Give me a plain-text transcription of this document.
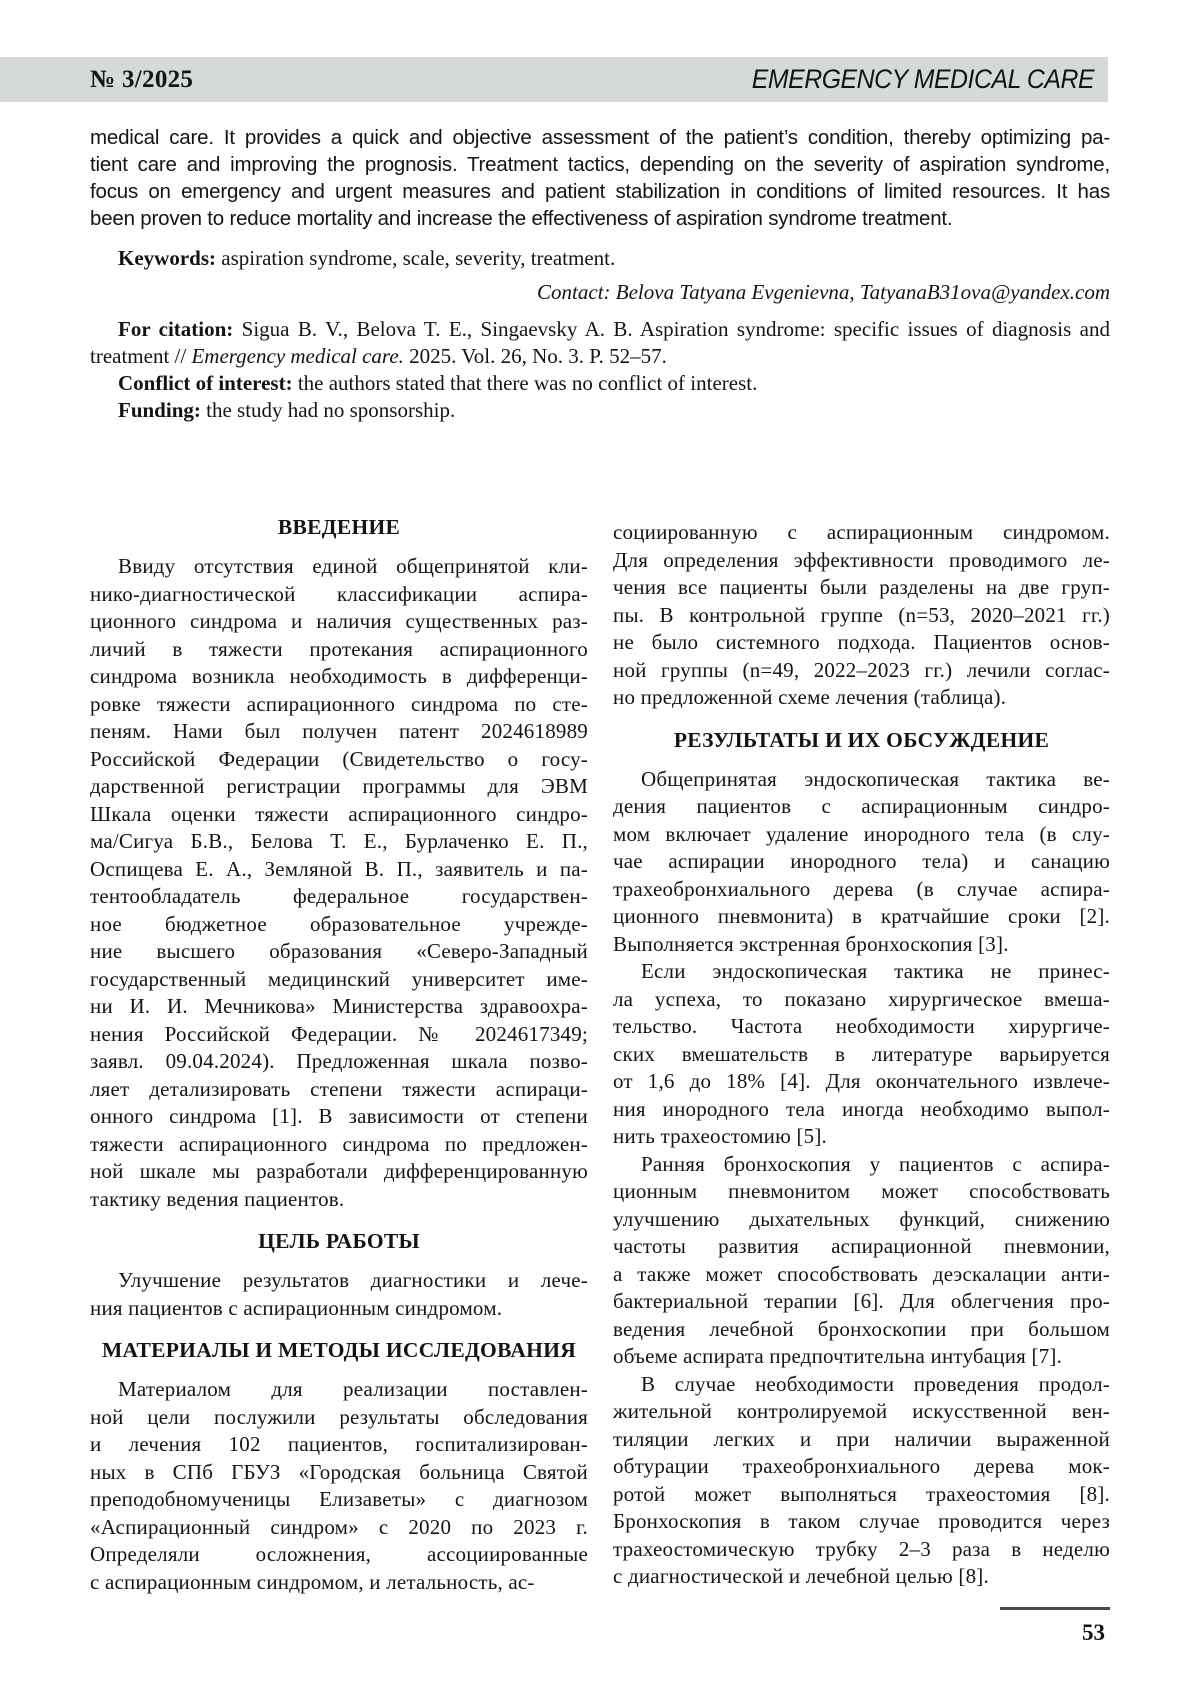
№ 3/2025	EMERGENCY MEDICAL CARE
medical care. It provides a quick and objective assessment of the patient’s condition, thereby optimizing pa-
tient care and improving the prognosis. Treatment tactics, depending on the severity of aspiration syndrome,
focus on emergency and urgent measures and patient stabilization in conditions of limited resources. It has
been proven to reduce mortality and increase the effectiveness of aspiration syndrome treatment.
Keywords: aspiration syndrome, scale, severity, treatment.
Contact: Belova Tatyana Evgenievna, TatyanaB31ova@yandex.com
For citation: Sigua B. V., Belova T. E., Singaevsky A. B. Aspiration syndrome: specific issues of diagnosis and treatment // Emergency medical care. 2025. Vol. 26, No. 3. P. 52–57.
Conflict of interest: the authors stated that there was no conflict of interest.
Funding: the study had no sponsorship.
ВВЕДЕНИЕ
Ввиду отсутствия единой общепринятой кли-
нико-диагностической классификации аспира-
ционного синдрома и наличия существенных раз-
личий в тяжести протекания аспирационного
синдрома возникла необходимость в дифференци-
ровке тяжести аспирационного синдрома по сте-
пеням. Нами был получен патент 2024618989
Российской Федерации (Свидетельство о госу-
дарственной регистрации программы для ЭВМ
Шкала оценки тяжести аспирационного синдро-
ма/Сигуа Б.В., Белова Т. Е., Бурлаченко Е. П.,
Оспищева Е. А., Земляной В. П., заявитель и па-
тентообладатель федеральное государствен-
ное бюджетное образовательное учрежде-
ние высшего образования «Северо-Западный
государственный медицинский университет име-
ни И. И. Мечникова» Министерства здравоохра-
нения Российской Федерации. № 2024617349;
заявл. 09.04.2024). Предложенная шкала позво-
ляет детализировать степени тяжести аспираци-
онного синдрома [1]. В зависимости от степени
тяжести аспирационного синдрома по предложен-
ной шкале мы разработали дифференцированную
тактику ведения пациентов.
ЦЕЛЬ РАБОТЫ
Улучшение результатов диагностики и лече-
ния пациентов с аспирационным синдромом.
МАТЕРИАЛЫ И МЕТОДЫ ИССЛЕДОВАНИЯ
Материалом для реализации поставлен-
ной цели послужили результаты обследования
и лечения 102 пациентов, госпитализирован-
ных в СПб ГБУЗ «Городская больница Святой
преподобномученицы Елизаветы» с диагнозом
«Аспирационный синдром» с 2020 по 2023 г.
Определяли осложнения, ассоциированные
с аспирационным синдромом, и летальность, ас-
социированную с аспирационным синдромом.
Для определения эффективности проводимого ле-
чения все пациенты были разделены на две груп-
пы. В контрольной группе (n=53, 2020–2021 гг.)
не было системного подхода. Пациентов основ-
ной группы (n=49, 2022–2023 гг.) лечили соглас-
но предложенной схеме лечения (таблица).
РЕЗУЛЬТАТЫ И ИХ ОБСУЖДЕНИЕ
Общепринятая эндоскопическая тактика ве-
дения пациентов с аспирационным синдро-
мом включает удаление инородного тела (в слу-
чае аспирации инородного тела) и санацию
трахеобронхиального дерева (в случае аспира-
ционного пневмонита) в кратчайшие сроки [2].
Выполняется экстренная бронхоскопия [3].
Если эндоскопическая тактика не принес-
ла успеха, то показано хирургическое вмеша-
тельство. Частота необходимости хирургиче-
ских вмешательств в литературе варьируется
от 1,6 до 18% [4]. Для окончательного извлече-
ния инородного тела иногда необходимо выпол-
нить трахеостомию [5].
Ранняя бронхоскопия у пациентов с аспира-
ционным пневмонитом может способствовать
улучшению дыхательных функций, снижению
частоты развития аспирационной пневмонии,
а также может способствовать деэскалации анти-
бактериальной терапии [6]. Для облегчения про-
ведения лечебной бронхоскопии при большом
объеме аспирата предпочтительна интубация [7].
В случае необходимости проведения продол-
жительной контролируемой искусственной вен-
тиляции легких и при наличии выраженной
обтурации трахеобронхиального дерева мок-
ротой может выполняться трахеостомия [8].
Бронхоскопия в таком случае проводится через
трахеостомическую трубку 2–3 раза в неделю
с диагностической и лечебной целью [8].
53
